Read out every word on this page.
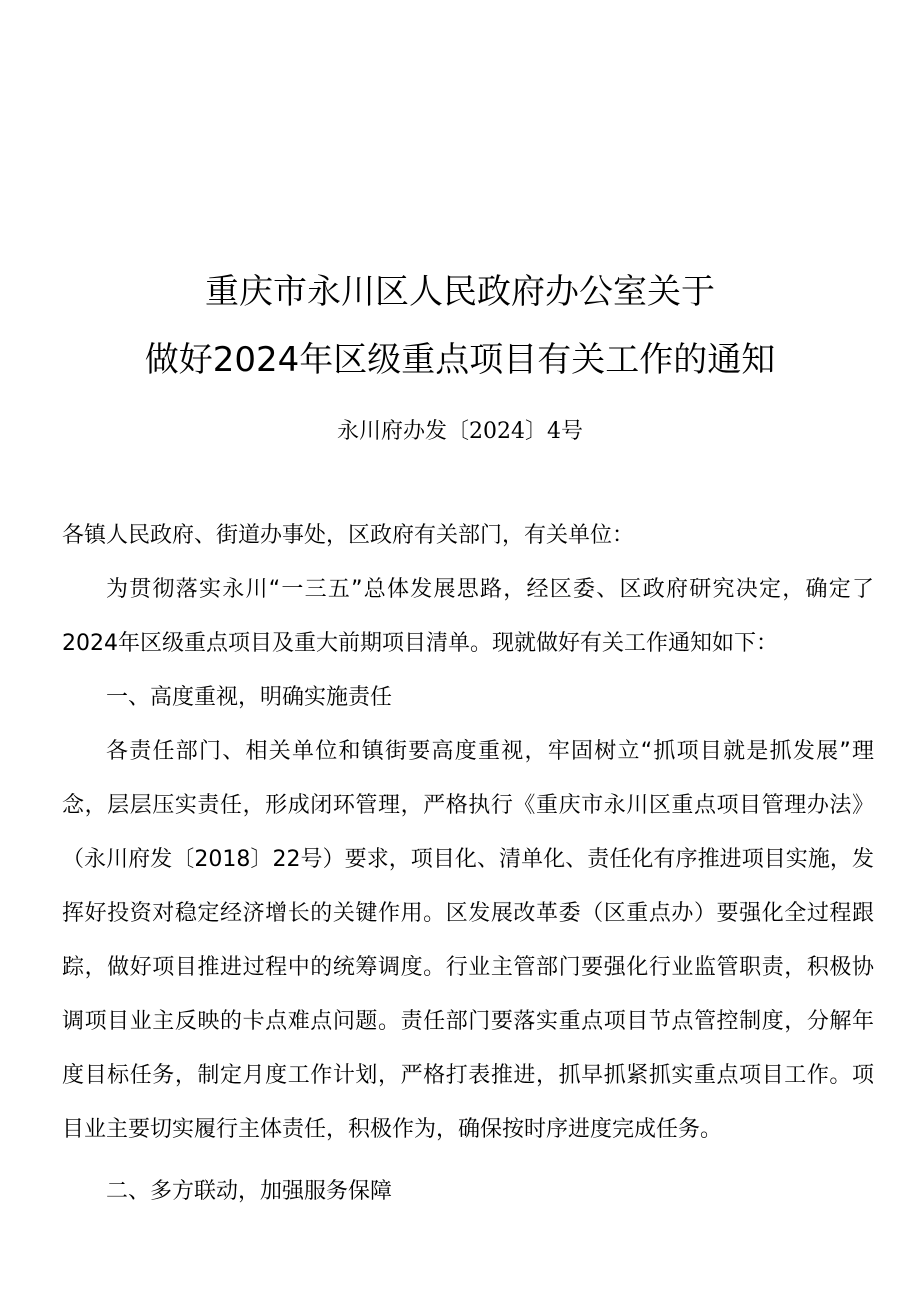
重庆市永川区人民政府办公室关于
做好2024年区级重点项目有关工作的通知
永川府办发〔2024〕4号

各镇人民政府、街道办事处，区政府有关部门，有关单位：

为贯彻落实永川“一三五”总体发展思路，经区委、区政府研究决定，确定了2024年区级重点项目及重大前期项目清单。现就做好有关工作通知如下：

一、高度重视，明确实施责任

各责任部门、相关单位和镇街要高度重视，牢固树立“抓项目就是抓发展”理念，层层压实责任，形成闭环管理，严格执行《重庆市永川区重点项目管理办法》（永川府发〔2018〕22号）要求，项目化、清单化、责任化有序推进项目实施，发挥好投资对稳定经济增长的关键作用。区发展改革委（区重点办）要强化全过程跟踪，做好项目推进过程中的统筹调度。行业主管部门要强化行业监管职责，积极协调项目业主反映的卡点难点问题。责任部门要落实重点项目节点管控制度，分解年度目标任务，制定月度工作计划，严格打表推进，抓早抓紧抓实重点项目工作。项目业主要切实履行主体责任，积极作为，确保按时序进度完成任务。

二、多方联动，加强服务保障
